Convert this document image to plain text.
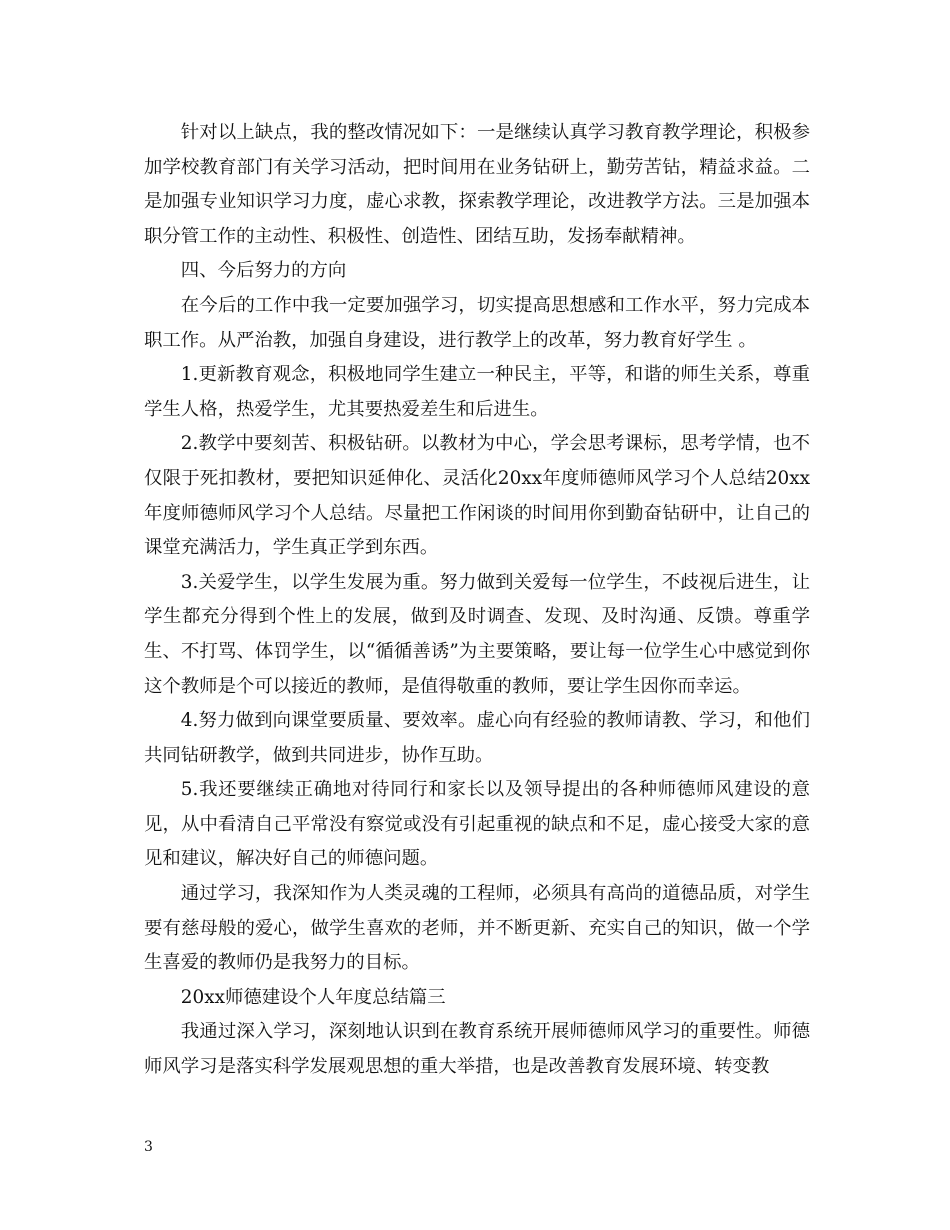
针对以上缺点，我的整改情况如下：一是继续认真学习教育教学理论，积极参加学校教育部门有关学习活动，把时间用在业务钻研上，勤劳苦钻，精益求益。二是加强专业知识学习力度，虚心求教，探索教学理论，改进教学方法。三是加强本职分管工作的主动性、积极性、创造性、团结互助，发扬奉献精神。

四、今后努力的方向

在今后的工作中我一定要加强学习，切实提高思想感和工作水平，努力完成本职工作。从严治教，加强自身建设，进行教学上的改革，努力教育好学生 。

1.更新教育观念，积极地同学生建立一种民主，平等，和谐的师生关系，尊重学生人格，热爱学生，尤其要热爱差生和后进生。

2.教学中要刻苦、积极钻研。以教材为中心，学会思考课标，思考学情，也不仅限于死扣教材，要把知识延伸化、灵活化20xx年度师德师风学习个人总结20xx年度师德师风学习个人总结。尽量把工作闲谈的时间用你到勤奋钻研中，让自己的课堂充满活力，学生真正学到东西。

3.关爱学生，以学生发展为重。努力做到关爱每一位学生，不歧视后进生，让学生都充分得到个性上的发展，做到及时调查、发现、及时沟通、反馈。尊重学生、不打骂、体罚学生，以“循循善诱”为主要策略，要让每一位学生心中感觉到你这个教师是个可以接近的教师，是值得敬重的教师，要让学生因你而幸运。

4.努力做到向课堂要质量、要效率。虚心向有经验的教师请教、学习，和他们共同钻研教学，做到共同进步，协作互助。

5.我还要继续正确地对待同行和家长以及领导提出的各种师德师风建设的意见，从中看清自己平常没有察觉或没有引起重视的缺点和不足，虚心接受大家的意见和建议，解决好自己的师德问题。

通过学习，我深知作为人类灵魂的工程师，必须具有高尚的道德品质，对学生要有慈母般的爱心，做学生喜欢的老师，并不断更新、充实自己的知识，做一个学生喜爱的教师仍是我努力的目标。

20xx师德建设个人年度总结篇三

我通过深入学习，深刻地认识到在教育系统开展师德师风学习的重要性。师德师风学习是落实科学发展观思想的重大举措，也是改善教育发展环境、转变教

3
